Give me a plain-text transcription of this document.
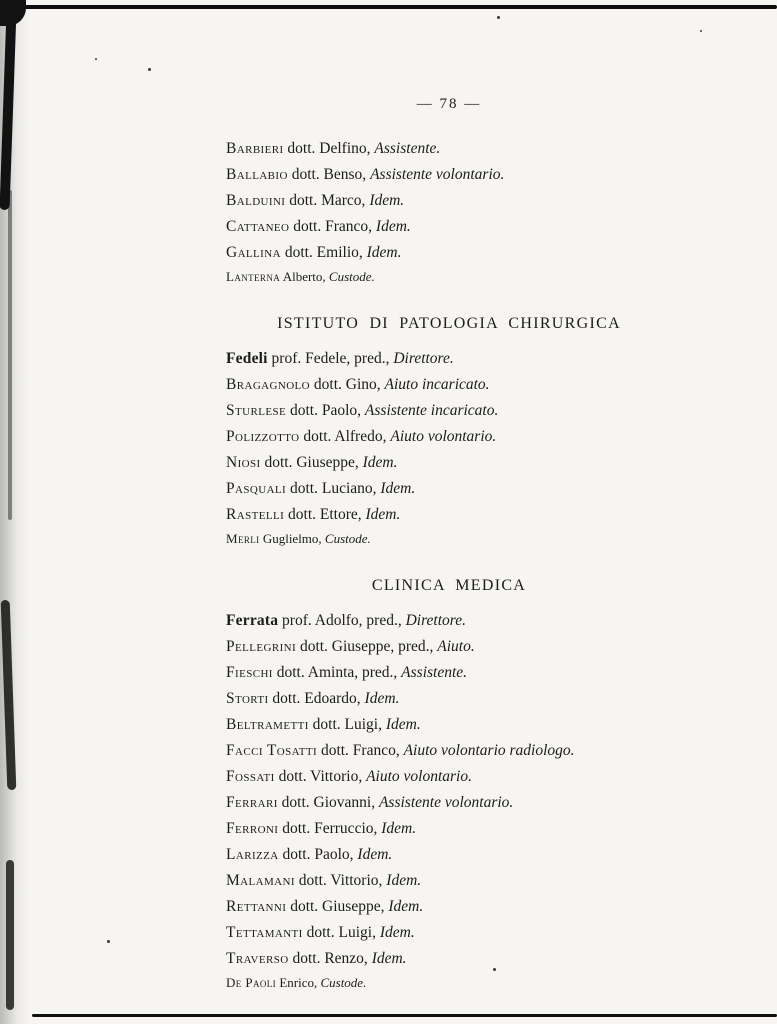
— 78 —

Barbieri dott. Delfino, Assistente.

Ballabio dott. Benso, Assistente volontario.

Balduini dott. Marco, Idem.

Cattaneo dott. Franco, Idem.

Gallina dott. Emilio, Idem.

Lanterna Alberto, Custode.

ISTITUTO DI PATOLOGIA CHIRURGICA

Fedeli prof. Fedele, pred., Direttore.

Bragagnolo dott. Gino, Aiuto incaricato.

Sturlese dott. Paolo, Assistente incaricato.

Polizzotto dott. Alfredo, Aiuto volontario.

Niosi dott. Giuseppe, Idem.

Pasquali dott. Luciano, Idem.

Rastelli dott. Ettore, Idem.

Merli Guglielmo, Custode.

CLINICA MEDICA

Ferrata prof. Adolfo, pred., Direttore.

Pellegrini dott. Giuseppe, pred., Aiuto.

Fieschi dott. Aminta, pred., Assistente.

Storti dott. Edoardo, Idem.

Beltrametti dott. Luigi, Idem.

Facci Tosatti dott. Franco, Aiuto volontario radiologo.

Fossati dott. Vittorio, Aiuto volontario.

Ferrari dott. Giovanni, Assistente volontario.

Ferroni dott. Ferruccio, Idem.

Larizza dott. Paolo, Idem.

Malamani dott. Vittorio, Idem.

Rettanni dott. Giuseppe, Idem.

Tettamanti dott. Luigi, Idem.

Traverso dott. Renzo, Idem.

De Paoli Enrico, Custode.
